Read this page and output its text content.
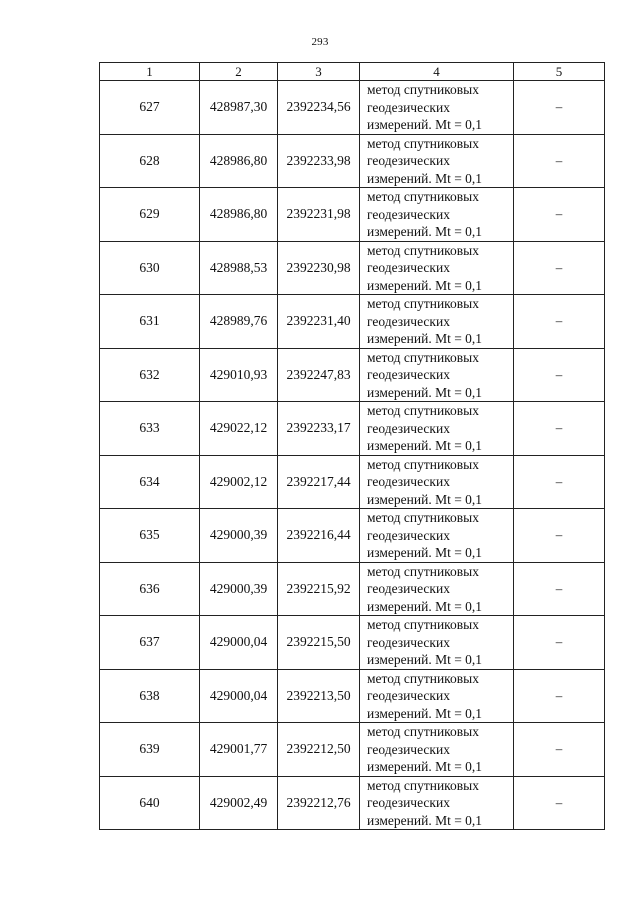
293
1	2	3	4	5
627	428987,30	2392234,56	метод спутниковых
геодезических
измерений. Mt = 0,1	–
628	428986,80	2392233,98	метод спутниковых
геодезических
измерений. Mt = 0,1	–
629	428986,80	2392231,98	метод спутниковых
геодезических
измерений. Mt = 0,1	–
630	428988,53	2392230,98	метод спутниковых
геодезических
измерений. Mt = 0,1	–
631	428989,76	2392231,40	метод спутниковых
геодезических
измерений. Mt = 0,1	–
632	429010,93	2392247,83	метод спутниковых
геодезических
измерений. Mt = 0,1	–
633	429022,12	2392233,17	метод спутниковых
геодезических
измерений. Mt = 0,1	–
634	429002,12	2392217,44	метод спутниковых
геодезических
измерений. Mt = 0,1	–
635	429000,39	2392216,44	метод спутниковых
геодезических
измерений. Mt = 0,1	–
636	429000,39	2392215,92	метод спутниковых
геодезических
измерений. Mt = 0,1	–
637	429000,04	2392215,50	метод спутниковых
геодезических
измерений. Mt = 0,1	–
638	429000,04	2392213,50	метод спутниковых
геодезических
измерений. Mt = 0,1	–
639	429001,77	2392212,50	метод спутниковых
геодезических
измерений. Mt = 0,1	–
640	429002,49	2392212,76	метод спутниковых
геодезических
измерений. Mt = 0,1	–
